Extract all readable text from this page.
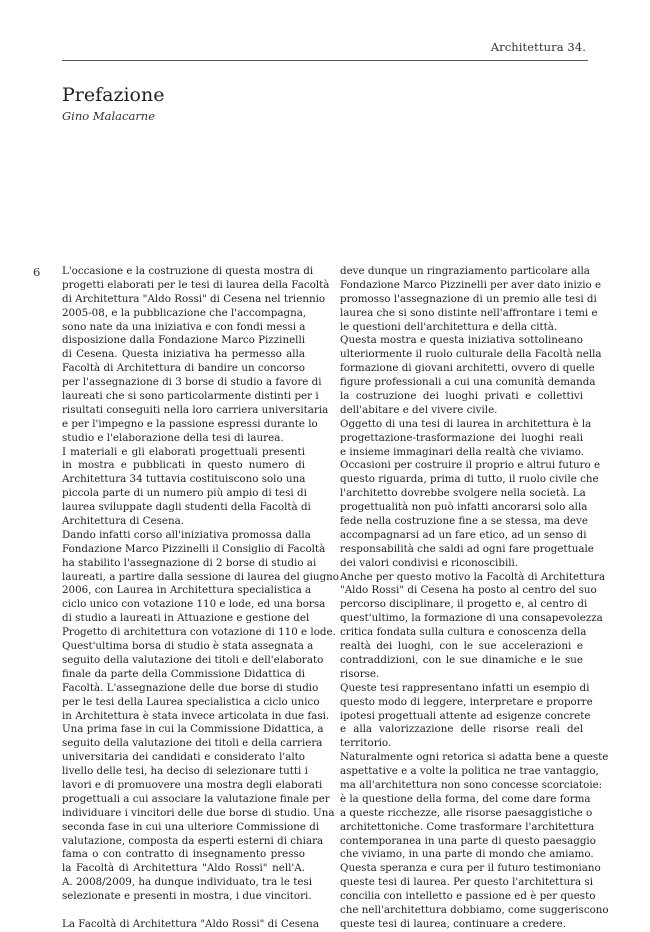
Architettura 34.
Prefazione
Gino Malacarne
6 L'occasione e la costruzione di questa mostra di
progetti elaborati per le tesi di laurea della Facoltà
di Architettura "Aldo Rossi" di Cesena nel triennio
2005-08, e la pubblicazione che l'accompagna,
sono nate da una iniziativa e con fondi messi a
disposizione dalla Fondazione Marco Pizzinelli
di Cesena. Questa iniziativa ha permesso alla
Facoltà di Architettura di bandire un concorso
per l'assegnazione di 3 borse di studio a favore di
laureati che si sono particolarmente distinti per i
risultati conseguiti nella loro carriera universitaria
e per l'impegno e la passione espressi durante lo
studio e l'elaborazione della tesi di laurea.
I materiali e gli elaborati progettuali presenti
in mostra e pubblicati in questo numero di
Architettura 34 tuttavia costituiscono solo una
piccola parte di un numero più ampio di tesi di
laurea sviluppate dagli studenti della Facoltà di
Architettura di Cesena.
Dando infatti corso all'iniziativa promossa dalla
Fondazione Marco Pizzinelli il Consiglio di Facoltà
ha stabilito l'assegnazione di 2 borse di studio ai
laureati, a partire dalla sessione di laurea del giugno
2006, con Laurea in Architettura specialistica a
ciclo unico con votazione 110 e lode, ed una borsa
di studio a laureati in Attuazione e gestione del
Progetto di architettura con votazione di 110 e lode.
Quest'ultima borsa di studio è stata assegnata a
seguito della valutazione dei titoli e dell'elaborato
finale da parte della Commissione Didattica di
Facoltà. L'assegnazione delle due borse di studio
per le tesi della Laurea specialistica a ciclo unico
in Architettura è stata invece articolata in due fasi.
Una prima fase in cui la Commissione Didattica, a
seguito della valutazione dei titoli e della carriera
universitaria dei candidati e considerato l'alto
livello delle tesi, ha deciso di selezionare tutti i
lavori e di promuovere una mostra degli elaborati
progettuali a cui associare la valutazione finale per
individuare i vincitori delle due borse di studio. Una
seconda fase in cui una ulteriore Commissione di
valutazione, composta da esperti esterni di chiara
fama o con contratto di insegnamento presso
la Facoltà di Architettura "Aldo Rossi" nell'A.
A. 2008/2009, ha dunque individuato, tra le tesi
selezionate e presenti in mostra, i due vincitori.
La Facoltà di Architettura "Aldo Rossi" di Cesena
deve dunque un ringraziamento particolare alla
Fondazione Marco Pizzinelli per aver dato inizio e
promosso l'assegnazione di un premio alle tesi di
laurea che si sono distinte nell'affrontare i temi e
le questioni dell'architettura e della città.
Questa mostra e questa iniziativa sottolineano
ulteriormente il ruolo culturale della Facoltà nella
formazione di giovani architetti, ovvero di quelle
figure professionali a cui una comunità demanda
la costruzione dei luoghi privati e collettivi
dell'abitare e del vivere civile.
Oggetto di una tesi di laurea in architettura è la
progettazione-trasformazione dei luoghi reali
e insieme immaginari della realtà che viviamo.
Occasioni per costruire il proprio e altrui futuro e
questo riguarda, prima di tutto, il ruolo civile che
l'architetto dovrebbe svolgere nella società. La
progettualità non può infatti ancorarsi solo alla
fede nella costruzione fine a se stessa, ma deve
accompagnarsi ad un fare etico, ad un senso di
responsabilità che saldi ad ogni fare progettuale
dei valori condivisi e riconoscibili.
Anche per questo motivo la Facoltà di Architettura
"Aldo Rossi" di Cesena ha posto al centro del suo
percorso disciplinare, il progetto e, al centro di
quest'ultimo, la formazione di una consapevolezza
critica fondata sulla cultura e conoscenza della
realtà dei luoghi, con le sue accelerazioni e
contraddizioni, con le sue dinamiche e le sue
risorse.
Queste tesi rappresentano infatti un esempio di
questo modo di leggere, interpretare e proporre
ipotesi progettuali attente ad esigenze concrete
e alla valorizzazione delle risorse reali del
territorio.
Naturalmente ogni retorica si adatta bene a queste
aspettative e a volte la politica ne trae vantaggio,
ma all'architettura non sono concesse scorciatoie:
è la questione della forma, del come dare forma
a queste ricchezze, alle risorse paesaggistiche o
architettoniche. Come trasformare l'architettura
contemporanea in una parte di questo paesaggio
che viviamo, in una parte di mondo che amiamo.
Questa speranza e cura per il futuro testimoniano
queste tesi di laurea. Per questo l'architettura si
concilia con intelletto e passione ed è per questo
che nell'architettura dobbiamo, come suggeriscono
queste tesi di laurea, continuare a credere.
